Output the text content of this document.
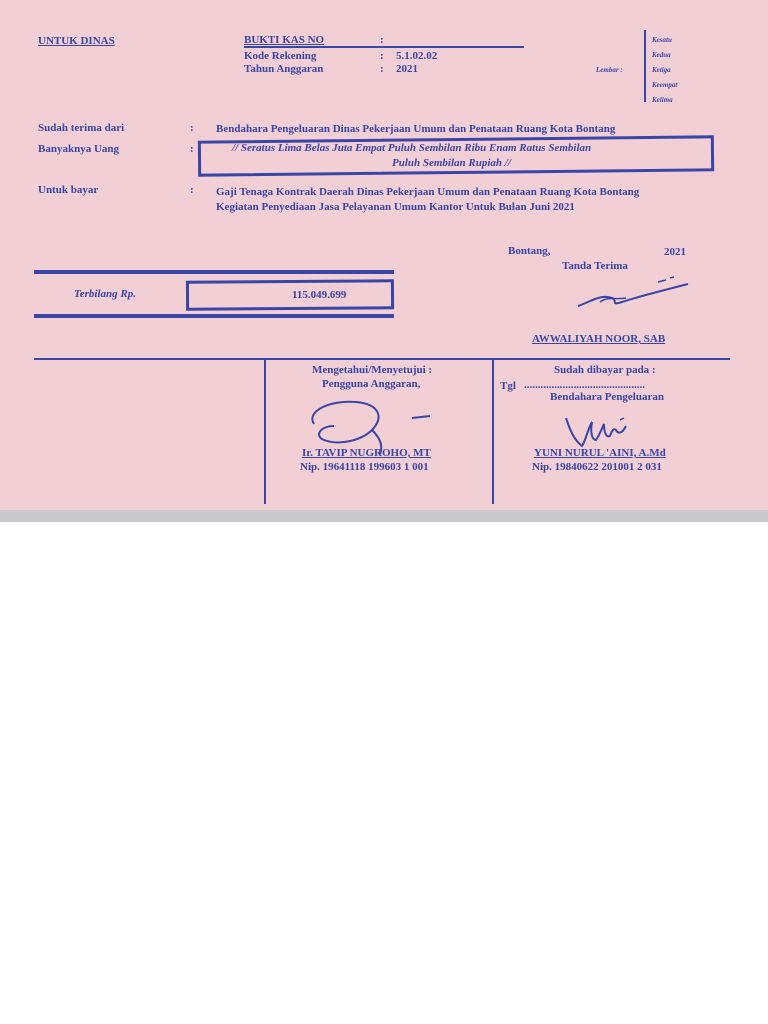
UNTUK DINAS	BUKTI KAS NO	:
Kode Rekening	: 5.1.02.02
Tahun Anggaran	: 2021	Lembar :
Kesatu
Kedua
Ketiga
Keempat
Kelima
Sudah terima dari	: Bendahara Pengeluaran Dinas Pekerjaan Umum dan Penataan Ruang Kota Bontang
Banyaknya Uang	:	// Seratus Lima Belas Juta Empat Puluh Sembilan Ribu Enam Ratus Sembilan
Puluh Sembilan Rupiah //
Untuk bayar	: Gaji Tenaga Kontrak Daerah Dinas Pekerjaan Umum dan Penataan Ruang Kota Bontang
Kegiatan Penyediaan Jasa Pelayanan Umum Kantor Untuk Bulan Juni 2021
Bontang,	2021
Tanda Terima
AWWALIYAH NOOR, SAB
Terbilang Rp.	115.049.699
Mengetahui/Menyetujui :
Pengguna Anggaran,
Ir. TAVIP NUGROHO, MT
Nip. 19641118 199603 1 001
Sudah dibayar pada :
Tgl ............................................
Bendahara Pengeluaran
YUNI NURUL 'AINI, A.Md
Nip. 19840622 201001 2 031
